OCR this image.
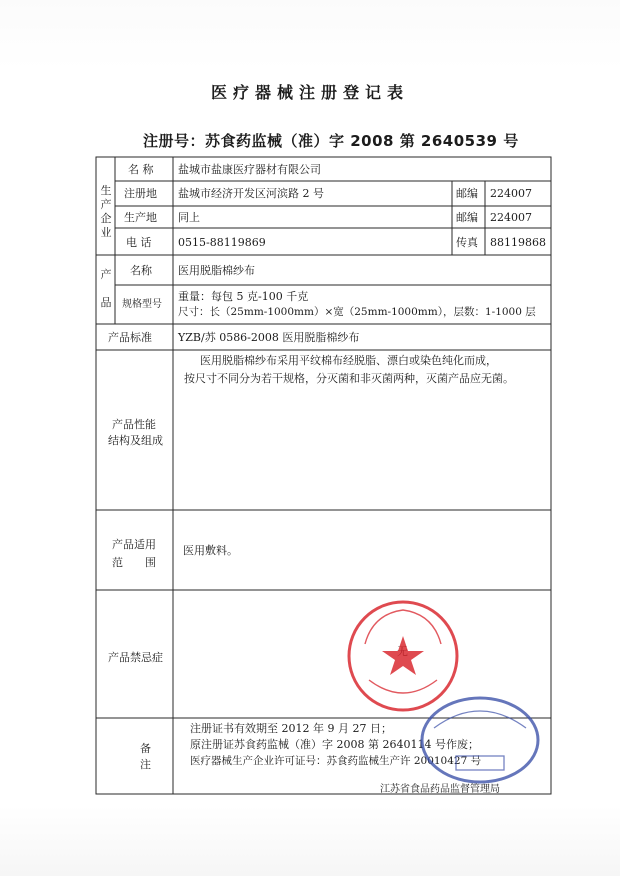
医疗器械注册登记表
注册号：苏食药监械（准）字 2008 第 2640539 号
生
产
企
业
名 称 盐城市盐康医疗器材有限公司
注册地 盐城市经济开发区河滨路 2 号	邮编 224007
生产地 同上	邮编 224007
电 话 0515-88119869	传真 88119868
产
品
名称 医用脱脂棉纱布
规格型号
重量：每包 5 克-100 千克
尺寸：长（25mm-1000mm）×宽（25mm-1000mm），层数：1-1000 层
产品标准 YZB/苏 0586-2008 医用脱脂棉纱布
产品性能
结构及组成
医用脱脂棉纱布采用平纹棉布经脱脂、漂白或染色纯化而成，
按尺寸不同分为若干规格，分灭菌和非灭菌两种，灭菌产品应无菌。
产品适用
范　　围
医用敷料。
产品禁忌症
备
注
注册证书有效期至 2012 年 9 月 27 日；
原注册证苏食药监械（准）字 2008 第 2640114 号作废；
医疗器械生产企业许可证号：苏食药监械生产许 20010427 号
江苏省食品药品监督管理局
